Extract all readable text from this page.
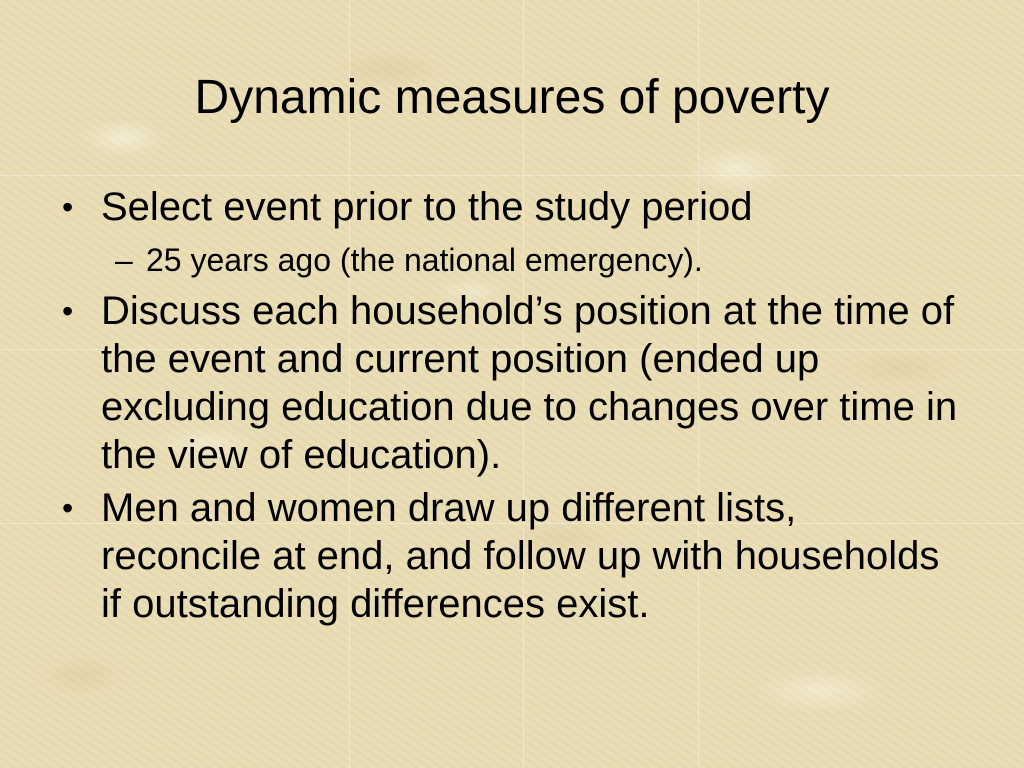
Dynamic measures of poverty
• Select event prior to the study period
– 25 years ago (the national emergency).
• Discuss each household’s position at the time of the event and current position (ended up excluding education due to changes over time in the view of education).
• Men and women draw up different lists, reconcile at end, and follow up with households if outstanding differences exist.
